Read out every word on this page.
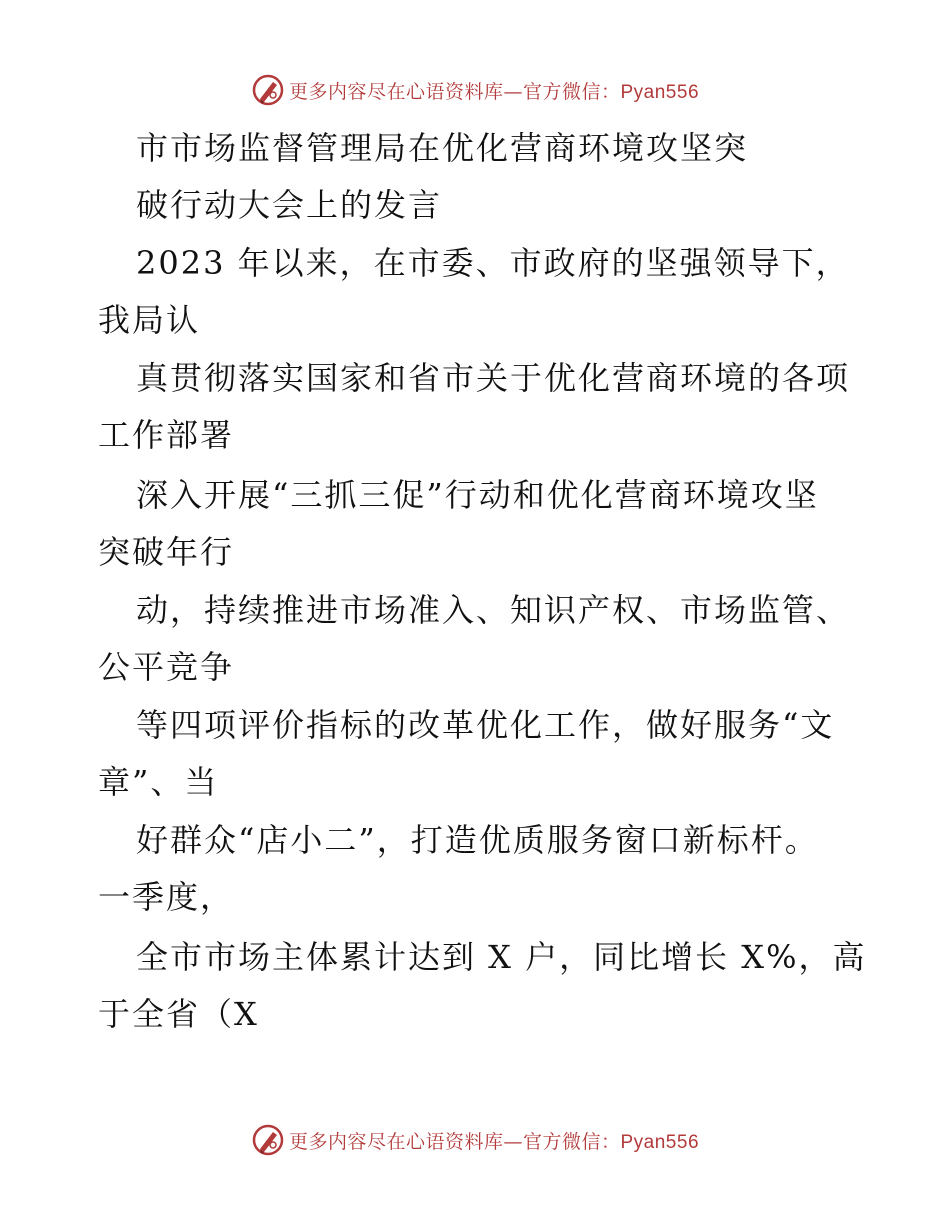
更多内容尽在心语资料库—官方微信：Pyan556
市市场监督管理局在优化营商环境攻坚突
破行动大会上的发言
2023 年以来，在市委、市政府的坚强领导下，
我局认
真贯彻落实国家和省市关于优化营商环境的各项
工作部署
深入开展“三抓三促”行动和优化营商环境攻坚
突破年行
动，持续推进市场准入、知识产权、市场监管、
公平竞争
等四项评价指标的改革优化工作，做好服务“文
章”、当
好群众“店小二”，打造优质服务窗口新标杆。
一季度，
全市市场主体累计达到 X 户，同比增长 X%，高
于全省（X
更多内容尽在心语资料库—官方微信：Pyan556
